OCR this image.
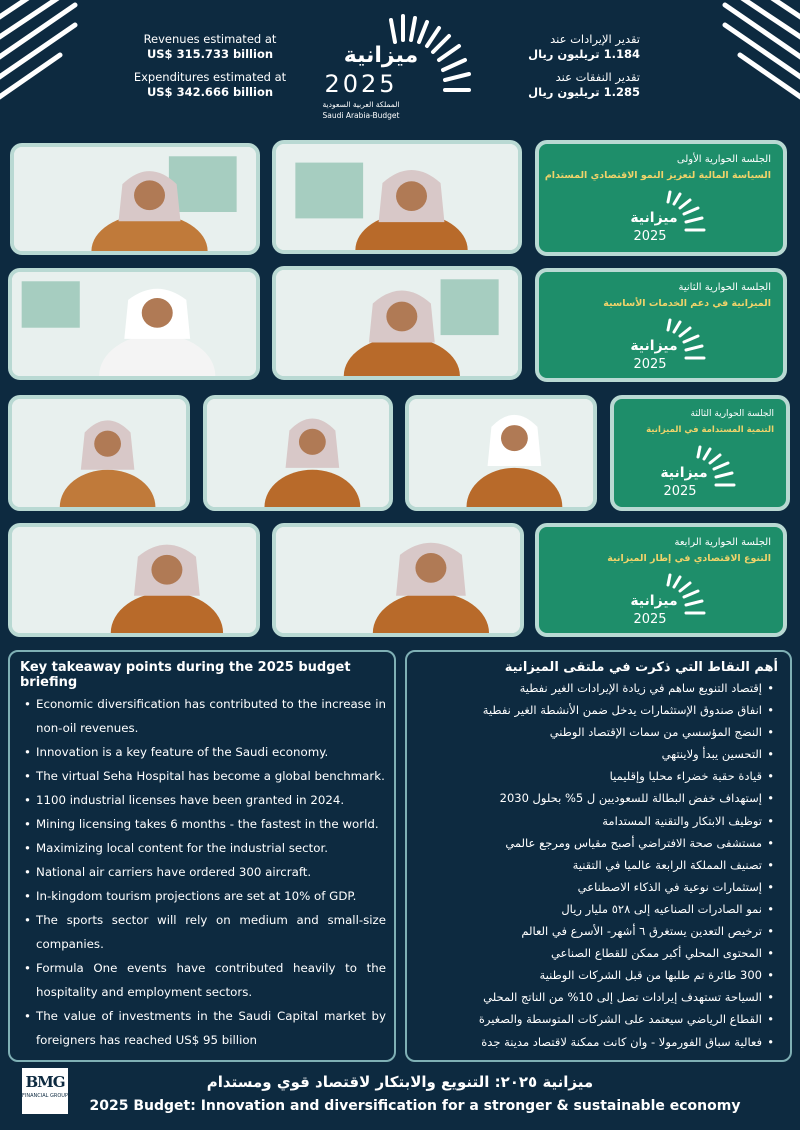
Revenues estimated at
US$ 315.733 billion
Expenditures estimated at
US$ 342.666 billion
تقدير الإيرادات عند
1.184 تريليون ريال
تقدير النفقات عند
1.285 تريليون ريال
ميزانية
2025
المملكة العربية السعودية
Saudi Arabia-Budget
الجلسة الحوارية الأولى
السياسة المالية لتعزيز النمو الاقتصادي المستدام
ميزانية
2025
الجلسة الحوارية الثانية
الميزانية في دعم الخدمات الأساسية
ميزانية
2025
الجلسة الحوارية الثالثة
التنمية المستدامة في الميزانية
ميزانية
2025
الجلسة الحوارية الرابعة
التنوع الاقتصادي في إطار الميزانية
ميزانية
2025
Key takeaway points during the 2025 budget briefing
• Economic diversification has contributed to the increase in non-oil revenues.
• Innovation is a key feature of the Saudi economy.
• The virtual Seha Hospital has become a global benchmark.
• 1100 industrial licenses have been granted in 2024.
• Mining licensing takes 6 months - the fastest in the world.
• Maximizing local content for the industrial sector.
• National air carriers have ordered 300 aircraft.
• In-kingdom tourism projections are set at 10% of GDP.
• The sports sector will rely on medium and small-size companies.
• Formula One events have contributed heavily to the hospitality and employment sectors.
• The value of investments in the Saudi Capital market by foreigners has reached US$ 95 billion
أهم النقاط التي ذكرت في ملتقى الميزانية
• إقتصاد التنويع ساهم في زيادة الإيرادات الغير نفطية
• انفاق صندوق الإستثمارات يدخل ضمن الأنشطة الغير نفطية
• النضج المؤسسي من سمات الإقتصاد الوطني
• التحسين يبدأ ولاينتهي
• قيادة حقبة خضراء محليا وإقليميا
• إستهداف خفض البطالة للسعوديين ل 5% بحلول 2030
• توظيف الابتكار والتقنية المستدامة
• مستشفى صحة الافتراضي أصبح مقياس ومرجع عالمي
• تصنيف المملكة الرابعة عالميا في التقنية
• إستثمارات نوعية في الذكاء الاصطناعي
• نمو الصادرات الصناعيه إلى ٥٢٨ مليار ريال
• ترخيص التعدين يستغرق ٦ أشهر- الأسرع في العالم
• المحتوى المحلي أكبر ممكن للقطاع الصناعي
• 300 طائرة تم طلبها من قبل الشركات الوطنية
• السياحة تستهدف إيرادات تصل إلى 10% من الناتج المحلي
• القطاع الرياضي سيعتمد على الشركات المتوسطة والصغيرة
• فعالية سباق الفورمولا - وان كانت ممكنة لاقتصاد مدينة جدة
BMG
FINANCIAL GROUP
ميزانية ٢٠٢٥: التنويع والابتكار لاقتصاد قوي ومستدام
2025 Budget: Innovation and diversification for a stronger & sustainable economy
